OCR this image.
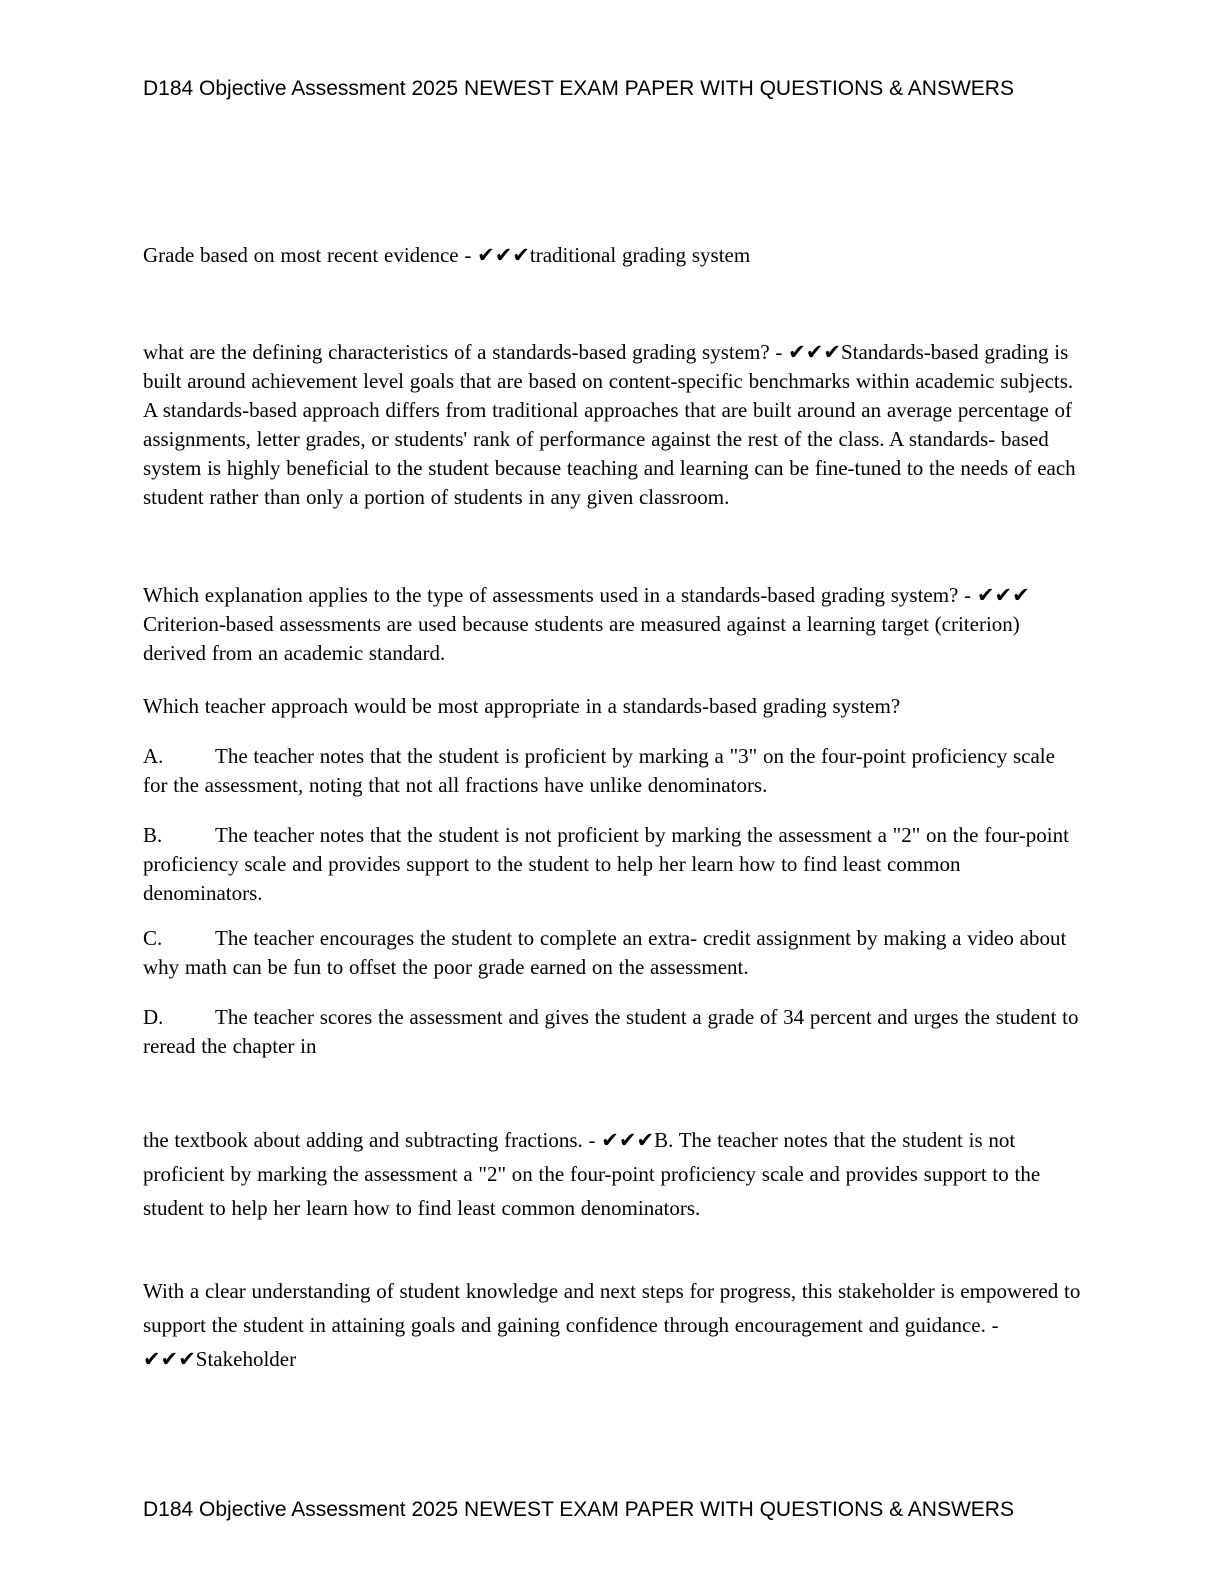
D184 Objective Assessment 2025 NEWEST EXAM PAPER WITH QUESTIONS & ANSWERS

Grade based on most recent evidence - ✔✔✔traditional grading system

what are the defining characteristics of a standards-based grading system? - ✔✔✔Standards-based grading is built around achievement level goals that are based on content-specific benchmarks within academic subjects. A standards-based approach differs from traditional approaches that are built around an average percentage of assignments, letter grades, or students' rank of performance against the rest of the class. A standards- based system is highly beneficial to the student because teaching and learning can be fine-tuned to the needs of each student rather than only a portion of students in any given classroom.

Which explanation applies to the type of assessments used in a standards-based grading system? - ✔✔✔ Criterion-based assessments are used because students are measured against a learning target (criterion) derived from an academic standard.

Which teacher approach would be most appropriate in a standards-based grading system?

A. The teacher notes that the student is proficient by marking a "3" on the four-point proficiency scale for the assessment, noting that not all fractions have unlike denominators.

B.	The teacher notes that the student is not proficient by marking the assessment a "2" on the four-point proficiency scale and provides support to the student to help her learn how to find least common denominators.

C.	The teacher encourages the student to complete an extra- credit assignment by making a video about why math can be fun to offset the poor grade earned on the assessment.

D. The teacher scores the assessment and gives the student a grade of 34 percent and urges the student to reread the chapter in

the textbook about adding and subtracting fractions. - ✔✔✔B. The teacher notes that the student is not proficient by marking the assessment a "2" on the four-point proficiency scale and provides support to the student to help her learn how to find least common denominators.

With a clear understanding of student knowledge and next steps for progress, this stakeholder is empowered to support the student in attaining goals and gaining confidence through encouragement and guidance. - ✔✔✔Stakeholder

D184 Objective Assessment 2025 NEWEST EXAM PAPER WITH QUESTIONS & ANSWERS
